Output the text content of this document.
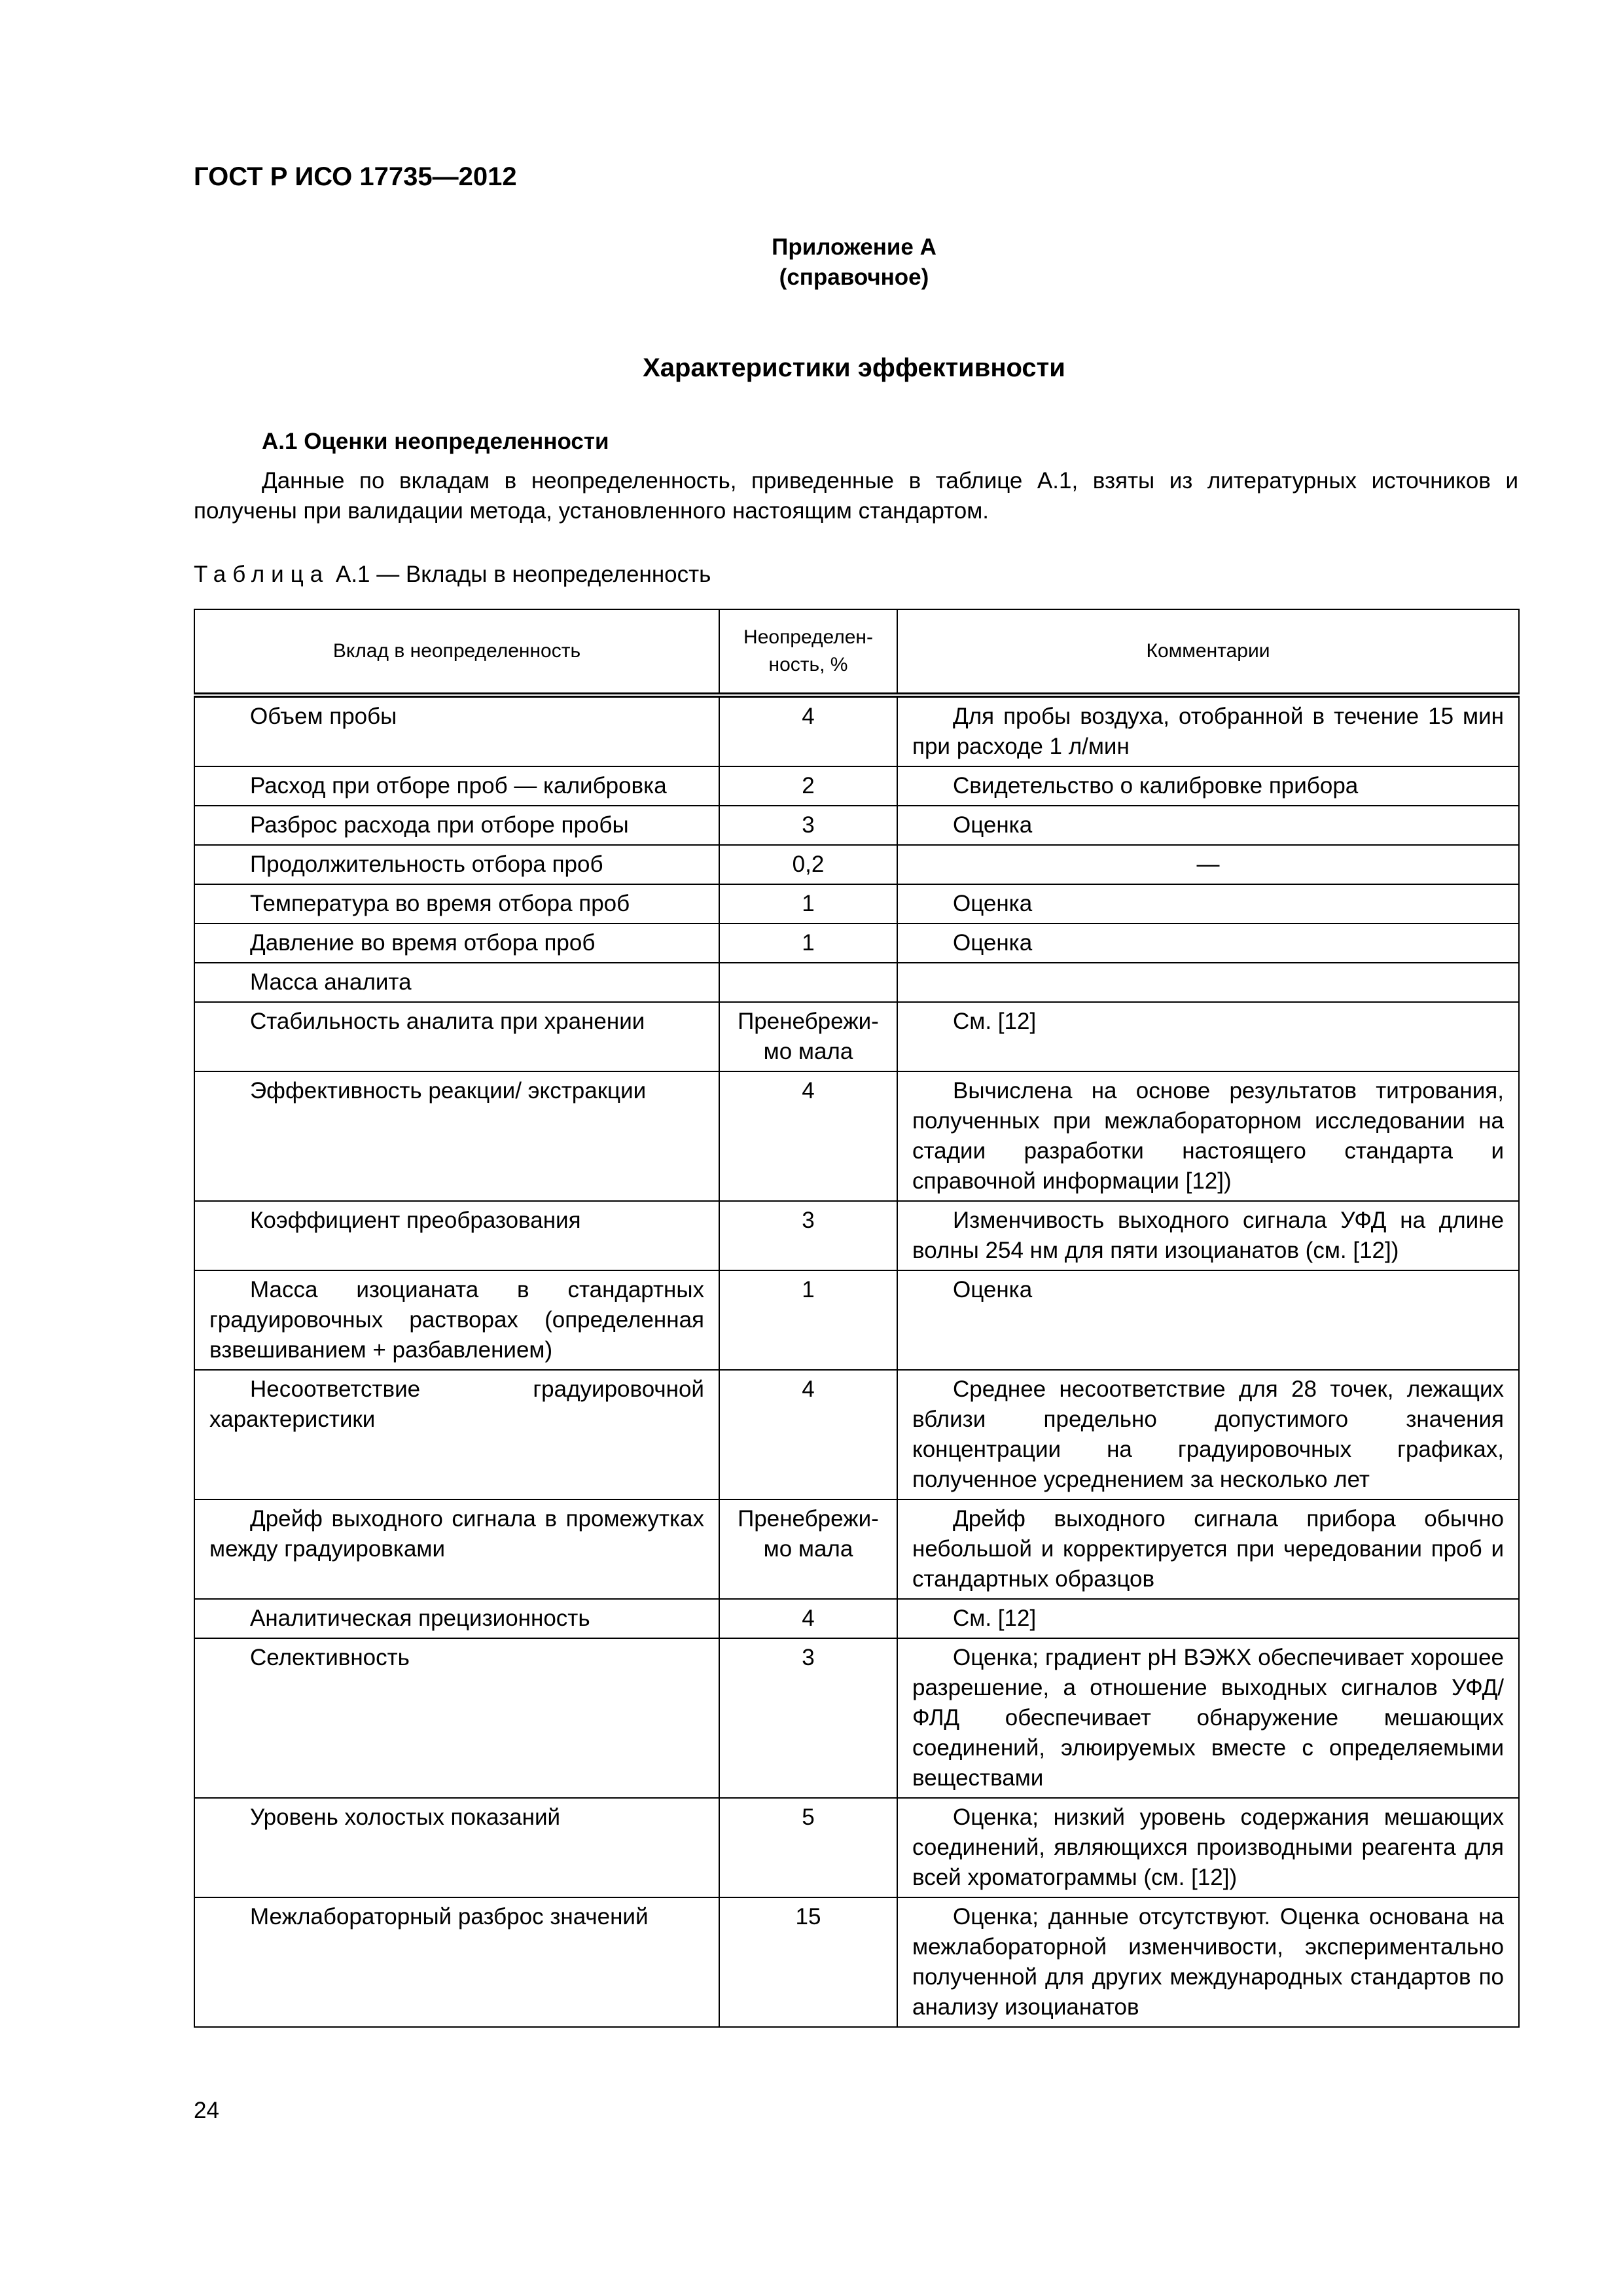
ГОСТ Р ИСО 17735—2012
Приложение А
(справочное)
Характеристики эффективности
А.1 Оценки неопределенности
Данные по вкладам в неопределенность, приведенные в таблице А.1, взяты из литературных источников и получены при валидации метода, установленного настоящим стандартом.
Таблица А.1 — Вклады в неопределенность
Вклад в неопределенность	Неопределен-ность, %	Комментарии

Объем пробы	4	Для пробы воздуха, отобранной в течение 15 мин при расходе 1 л/мин

Расход при отборе проб — калибровка	2	Свидетельство о калибровке прибора

Разброс расхода при отборе пробы	3	Оценка

Продолжительность отбора проб	0,2	—

Температура во время отбора проб	1	Оценка

Давление во время отбора проб	1	Оценка

Масса аналита		

Стабильность аналита при хранении	Пренебрежи-мо мала	См. [12]

Эффективность реакции/ экстракции	4	Вычислена на основе результатов титрования, полученных при межлабораторном исследовании на стадии разработки настоящего стандарта и справочной информации [12])

Коэффициент преобразования	3	Изменчивость выходного сигнала УФД на длине волны 254 нм для пяти изоцианатов (см. [12])

Масса изоцианата в стандартных градуировочных растворах (определенная взвешиванием + разбавлением)	1	Оценка

Несоответствие градуировочной характеристики	4	Среднее несоответствие для 28 точек, лежащих вблизи предельно допустимого значения концентрации на градуировочных графиках, полученное усреднением за несколько лет

Дрейф выходного сигнала в промежутках между градуировками	Пренебрежи-мо мала	Дрейф выходного сигнала прибора обычно небольшой и корректируется при чередовании проб и стандартных образцов

Аналитическая прецизионность	4	См. [12]

Селективность	3	Оценка; градиент рН ВЭЖХ обеспечивает хорошее разрешение, а отношение выходных сигналов УФД/ФЛД обеспечивает обнаружение мешающих соединений, элюируемых вместе с определяемыми веществами

Уровень холостых показаний	5	Оценка; низкий уровень содержания мешающих соединений, являющихся производными реагента для всей хроматограммы (см. [12])

Межлабораторный разброс значений	15	Оценка; данные отсутствуют. Оценка основана на межлабораторной изменчивости, экспериментально полученной для других международных стандартов по анализу изоцианатов
24
